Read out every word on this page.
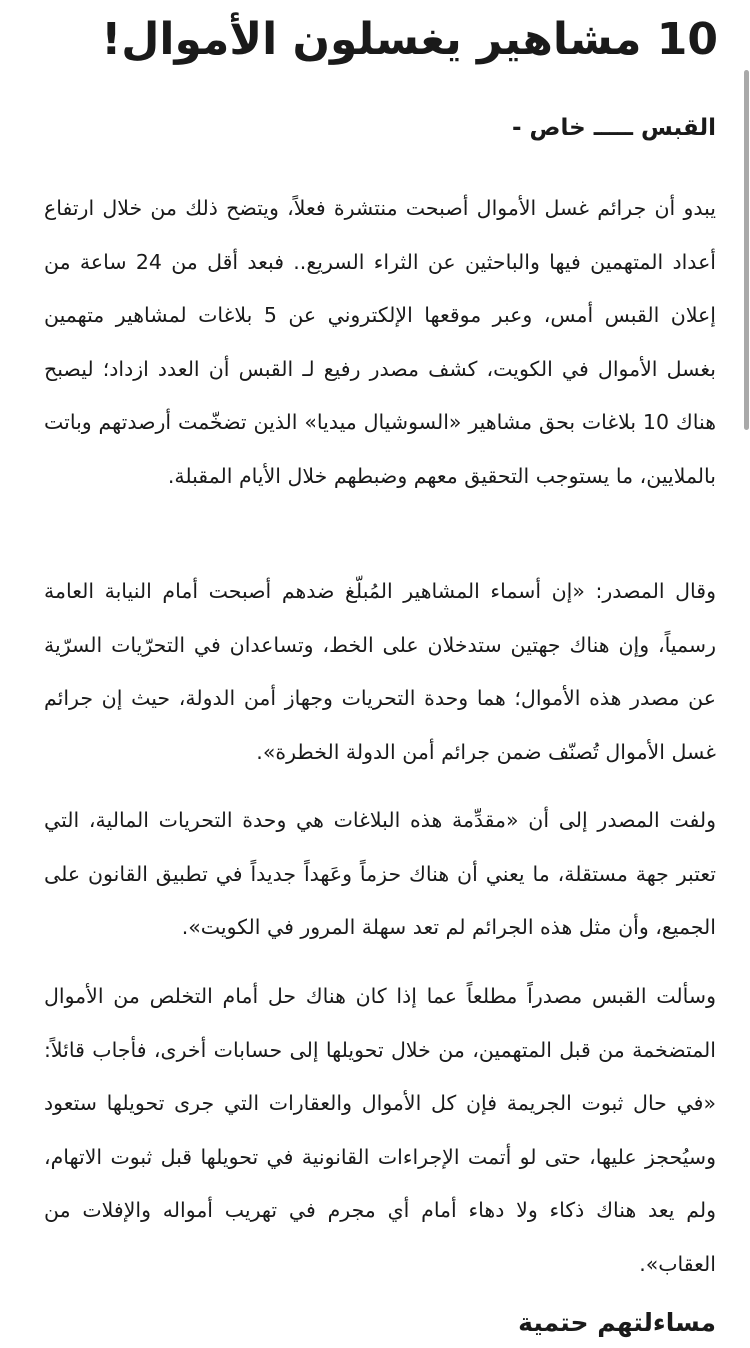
10 مشاهير يغسلون الأموال!
القبس ـــــ خاص -

يبدو أن جرائم غسل الأموال أصبحت منتشرة فعلاً، ويتضح ذلك من خلال ارتفاع أعداد المتهمين فيها والباحثين عن الثراء السريع.. فبعد أقل من 24 ساعة من إعلان القبس أمس، وعبر موقعها الإلكتروني عن 5 بلاغات لمشاهير متهمين بغسل الأموال في الكويت، كشف مصدر رفيع لـ القبس أن العدد ازداد؛ ليصبح هناك 10 بلاغات بحق مشاهير «السوشيال ميديا» الذين تضخّمت أرصدتهم وباتت بالملايين، ما يستوجب التحقيق معهم وضبطهم خلال الأيام المقبلة.

وقال المصدر: «إن أسماء المشاهير المُبلّغ ضدهم أصبحت أمام النيابة العامة رسمياً، وإن هناك جهتين ستدخلان على الخط، وتساعدان في التحرّيات السرّية عن مصدر هذه الأموال؛ هما وحدة التحريات وجهاز أمن الدولة، حيث إن جرائم غسل الأموال تُصنّف ضمن جرائم أمن الدولة الخطرة».

ولفت المصدر إلى أن «مقدِّمة هذه البلاغات هي وحدة التحريات المالية، التي تعتبر جهة مستقلة، ما يعني أن هناك حزماً وعَهداً جديداً في تطبيق القانون على الجميع، وأن مثل هذه الجرائم لم تعد سهلة المرور في الكويت».

وسألت القبس مصدراً مطلعاً عما إذا كان هناك حل أمام التخلص من الأموال المتضخمة من قبل المتهمين، من خلال تحويلها إلى حسابات أخرى، فأجاب قائلاً: «في حال ثبوت الجريمة فإن كل الأموال والعقارات التي جرى تحويلها ستعود وسيُحجز عليها، حتى لو أتمت الإجراءات القانونية في تحويلها قبل ثبوت الاتهام، ولم يعد هناك ذكاء ولا دهاء أمام أي مجرم في تهريب أمواله والإفلات من العقاب».

مساءلتهم حتمية
